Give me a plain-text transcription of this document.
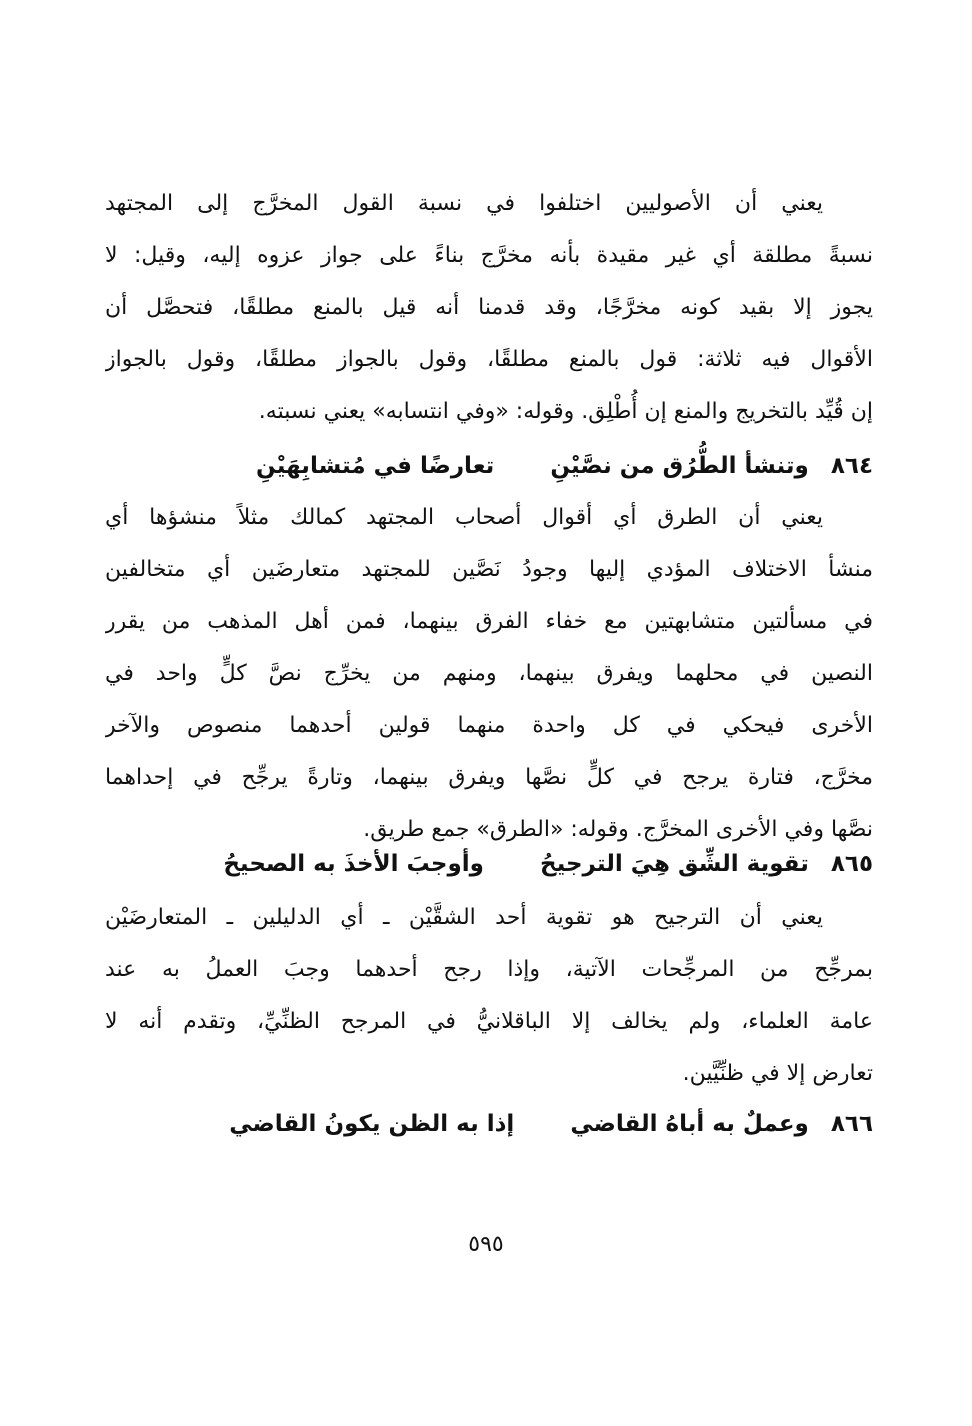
يعني أن الأصوليين اختلفوا في نسبة القول المخرَّج إلى المجتهد
نسبةً مطلقة أي غير مقيدة بأنه مخرَّج بناءً على جواز عزوه إليه، وقيل: لا
يجوز إلا بقيد كونه مخرَّجًا، وقد قدمنا أنه قيل بالمنع مطلقًا، فتحصَّل أن
الأقوال فيه ثلاثة: قول بالمنع مطلقًا، وقول بالجواز مطلقًا، وقول بالجواز
إن قُيِّد بالتخريج والمنع إن أُطْلِق. وقوله: «وفي انتسابه» يعني نسبته.
٨٦٤ وتنشأ الطُّرُق من نصَّيْنِ  تعارضًا في مُتشابِهَيْنِ
يعني أن الطرق أي أقوال أصحاب المجتهد كمالك مثلاً منشؤها أي
منشأ الاختلاف المؤدي إليها وجودُ نَصَّين للمجتهد متعارضَين أي متخالفين
في مسألتين متشابهتين مع خفاء الفرق بينهما، فمن أهل المذهب من يقرر
النصين في محلهما ويفرق بينهما، ومنهم من يخرِّج نصَّ كلٍّ واحد في
الأخرى فيحكي في كل واحدة منهما قولين أحدهما منصوص والآخر
مخرَّج، فتارة يرجح في كلٍّ نصَّها ويفرق بينهما، وتارةً يرجِّح في إحداهما
نصَّها وفي الأخرى المخرَّج. وقوله: «الطرق» جمع طريق.
٨٦٥ تقوية الشِّق هِيَ الترجيحُ  وأوجبَ الأخذَ به الصحيحُ
يعني أن الترجيح هو تقوية أحد الشقَّيْن ـ أي الدليلين ـ المتعارضَيْن
بمرجِّح من المرجِّحات الآتية، وإذا رجح أحدهما وجبَ العملُ به عند
عامة العلماء، ولم يخالف إلا الباقلانيُّ في المرجح الظنِّيِّ، وتقدم أنه لا
تعارض إلا في ظنِّيَّين.
٨٦٦ وعملٌ به أباهُ القاضي  إذا به الظن يكونُ القاضي
٥٩٥
